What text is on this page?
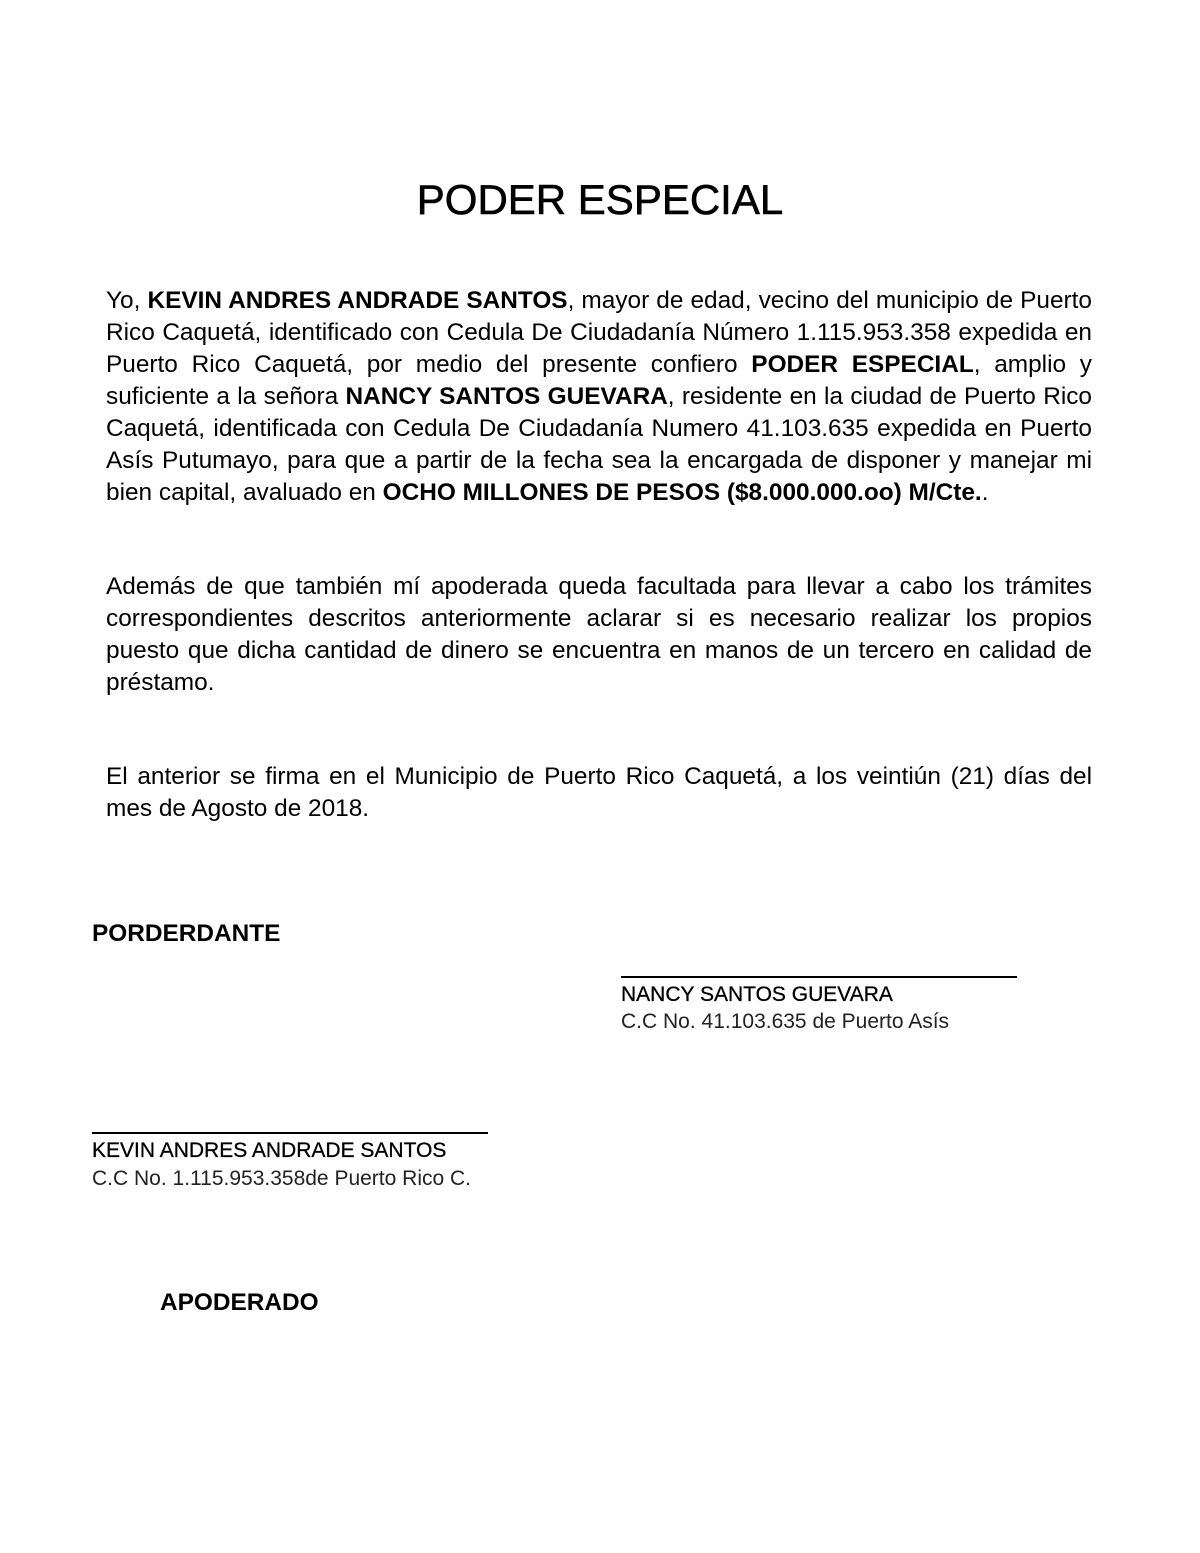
PODER ESPECIAL

Yo, KEVIN ANDRES ANDRADE SANTOS, mayor de edad, vecino del municipio de Puerto Rico Caquetá, identificado con Cedula De Ciudadanía Número 1.115.953.358 expedida en Puerto Rico Caquetá, por medio del presente confiero PODER ESPECIAL, amplio y suficiente a la señora NANCY SANTOS GUEVARA, residente en la ciudad de Puerto Rico Caquetá, identificada con Cedula De Ciudadanía Numero 41.103.635 expedida en Puerto Asís Putumayo, para que a partir de la fecha sea la encargada de disponer y manejar mi bien capital, avaluado en OCHO MILLONES DE PESOS ($8.000.000.oo) M/Cte..

Además de que también mí apoderada queda facultada para llevar a cabo los trámites correspondientes descritos anteriormente aclarar si es necesario realizar los propios puesto que dicha cantidad de dinero se encuentra en manos de un tercero en calidad de préstamo.

El anterior se firma en el Municipio de Puerto Rico Caquetá, a los veintiún (21) días del mes de Agosto de 2018.

PORDERDANTE
NANCY SANTOS GUEVARA
C.C No. 41.103.635 de Puerto Asís
KEVIN ANDRES ANDRADE SANTOS
C.C No. 1.115.953.358de Puerto Rico C.
APODERADO
